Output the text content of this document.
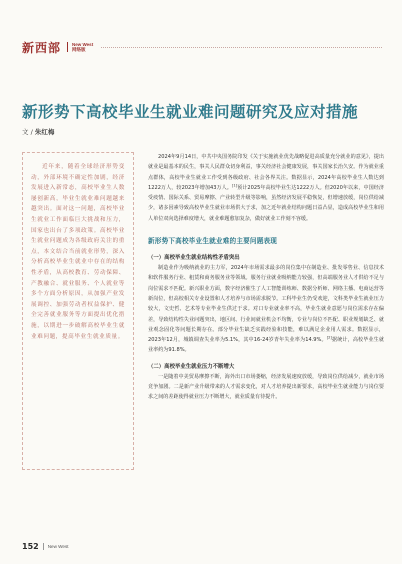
新西部	New West
网络版
新形势下高校毕业生就业难问题研究及应对措施
文 / 朱红梅

近年来，随着全球经济形势变动，外部环境不确定性加剧，经济发展进入新常态，高校毕业生人数屡创新高，毕业生就业难问题越来越突出。面对这一问题，高校毕业生就业工作面临巨大挑战和压力，国家也出台了多项政策。高校毕业生就业问题成为各级政府关注的重点，本文结合当前就业形势，深入分析高校毕业生就业中存在的结构性矛盾，从高校教育、劳动保障、产教融合、就业服务、个人就业等多个方面分析原因，从加强产业发展调控、加强劳动者权益保护、健全完善就业服务等方面提出优化措施，以期进一步破解高校毕业生就业难问题，提高毕业生就业质量。

2024年9月14日，中共中央国务院印发《关于实施就业优先战略促进高质量充分就业的意见》，提出就业是最基本的民生，事关人民群众切身利益，事关经济社会健康发展，事关国家长治久安。作为就业重点群体，高校毕业生就业工作受到各级政府、社会各界关注。数据显示，2024年高校毕业生人数达到1222万人，较2023年增加43万人。[1]预计2025年高校毕业生达1222万人。但2020年以来，中国经济受疫情、国际关系、贸易摩擦、产业转型升级等影响，虽然经济发展平稳恢复，但增速放缓，岗位供给减少，诸多因素导致高校毕业生就业市场供大于求，加之近年就业结构问题日益凸显，造成高校毕业生和用人单位双向选择难度增大，就业难题愈加复杂，做好就业工作刻不容缓。

新形势下高校毕业生就业难的主要问题表现
（一）高校毕业生就业结构性矛盾突出

制造业作为吸纳就业的主力军，2024年市场需求最多的岗位集中在制造业、批发零售业、信息技术和软件服务行业、租赁和商务服务业等领域。服务行业就业吸纳能力较强，但高端服务业人才供给不足与岗位需求不匹配。新兴职业方面，数字经济催生了人工智能训练师、数据分析师、网络主播、电商运营等新岗位，但高校相关专业设置和人才培养与市场需求脱节。工科毕业生仍受欢迎，文科类毕业生就业压力较大，文史哲、艺术等专业毕业生供过于求。对口专业就业率不高，毕业生就业意愿与岗位需求存在偏差，导致结构性失业问题突出，地区间、行业间就业机会不均衡，专业与岗位不匹配、职业规划缺乏、就业观念固化等问题长期存在。部分毕业生缺乏实践经验和技能，难以满足企业用人需求。数据显示，2023年12月，城镇调查失业率为5.1%，其中16-24岁青年失业率为14.9%。[2]据统计，高校毕业生就业率约为91.8%。

（二）高校毕业生就业压力不断增大

一是随着中美贸易摩擦不断，海外出口市场萎缩，经济发展速度放缓，导致岗位供给减少，就业市场竞争加剧。二是新产业升级带来的人才需求变化，对人才培养提出新要求，高校毕业生就业能力与岗位要求之间的差距使得就业压力不断增大，就业质量有待提升。

152 New West
